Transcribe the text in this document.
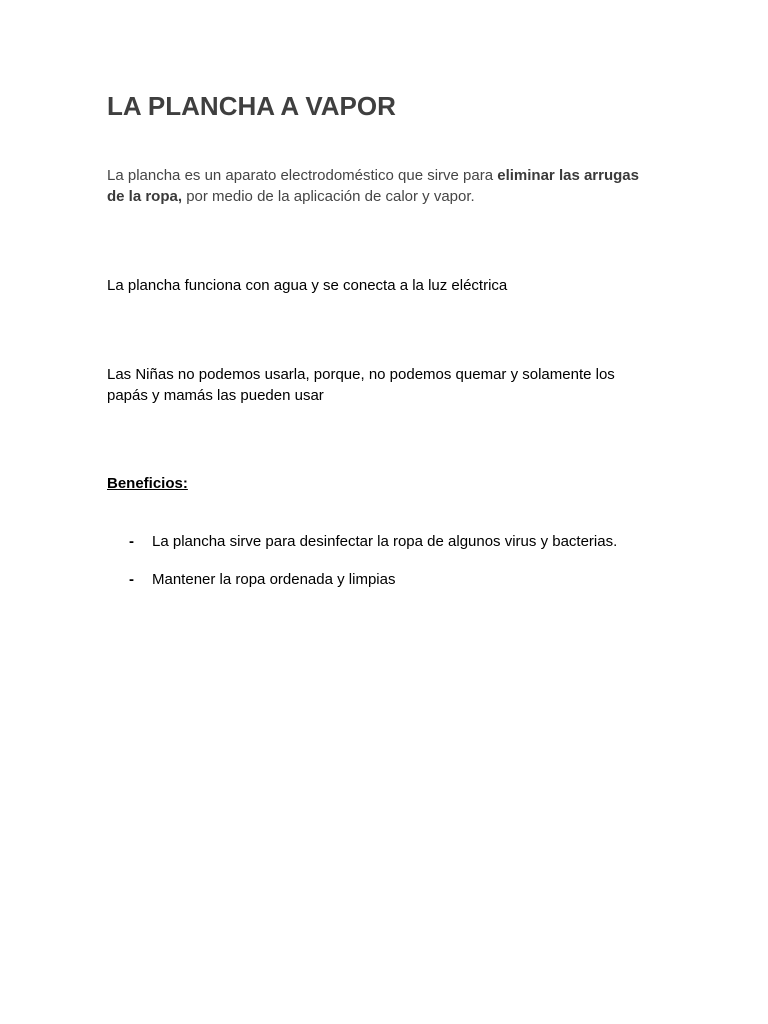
LA PLANCHA A VAPOR

La plancha es un aparato electrodoméstico que sirve para eliminar las arrugas de la ropa, por medio de la aplicación de calor y vapor.

La plancha funciona con agua y se conecta a la luz eléctrica

Las Niñas no podemos usarla, porque, no podemos quemar y solamente los papás y mamás las pueden usar

Beneficios:

- La plancha sirve para desinfectar la ropa de algunos virus y bacterias.
- Mantener la ropa ordenada y limpias
